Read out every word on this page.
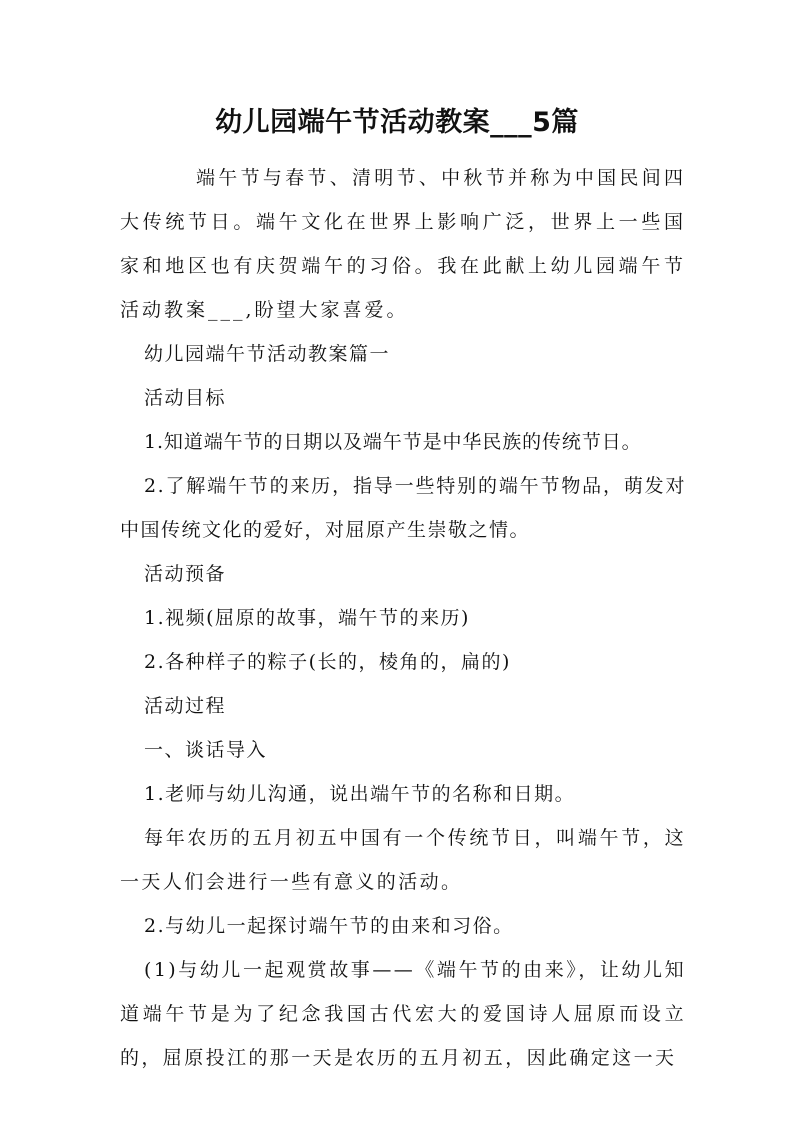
幼儿园端午节活动教案___5篇

端午节与春节、清明节、中秋节并称为中国民间四大传统节日。端午文化在世界上影响广泛，世界上一些国家和地区也有庆贺端午的习俗。我在此献上幼儿园端午节活动教案___,盼望大家喜爱。

幼儿园端午节活动教案篇一

活动目标

1.知道端午节的日期以及端午节是中华民族的传统节日。

2.了解端午节的来历，指导一些特别的端午节物品，萌发对中国传统文化的爱好，对屈原产生崇敬之情。

活动预备

1.视频(屈原的故事，端午节的来历)

2.各种样子的粽子(长的，棱角的，扁的)

活动过程

一、谈话导入

1.老师与幼儿沟通，说出端午节的名称和日期。

每年农历的五月初五中国有一个传统节日，叫端午节，这一天人们会进行一些有意义的活动。

2.与幼儿一起探讨端午节的由来和习俗。

(1)与幼儿一起观赏故事——《端午节的由来》，让幼儿知道端午节是为了纪念我国古代宏大的爱国诗人屈原而设立的，屈原投江的那一天是农历的五月初五，因此确定这一天
